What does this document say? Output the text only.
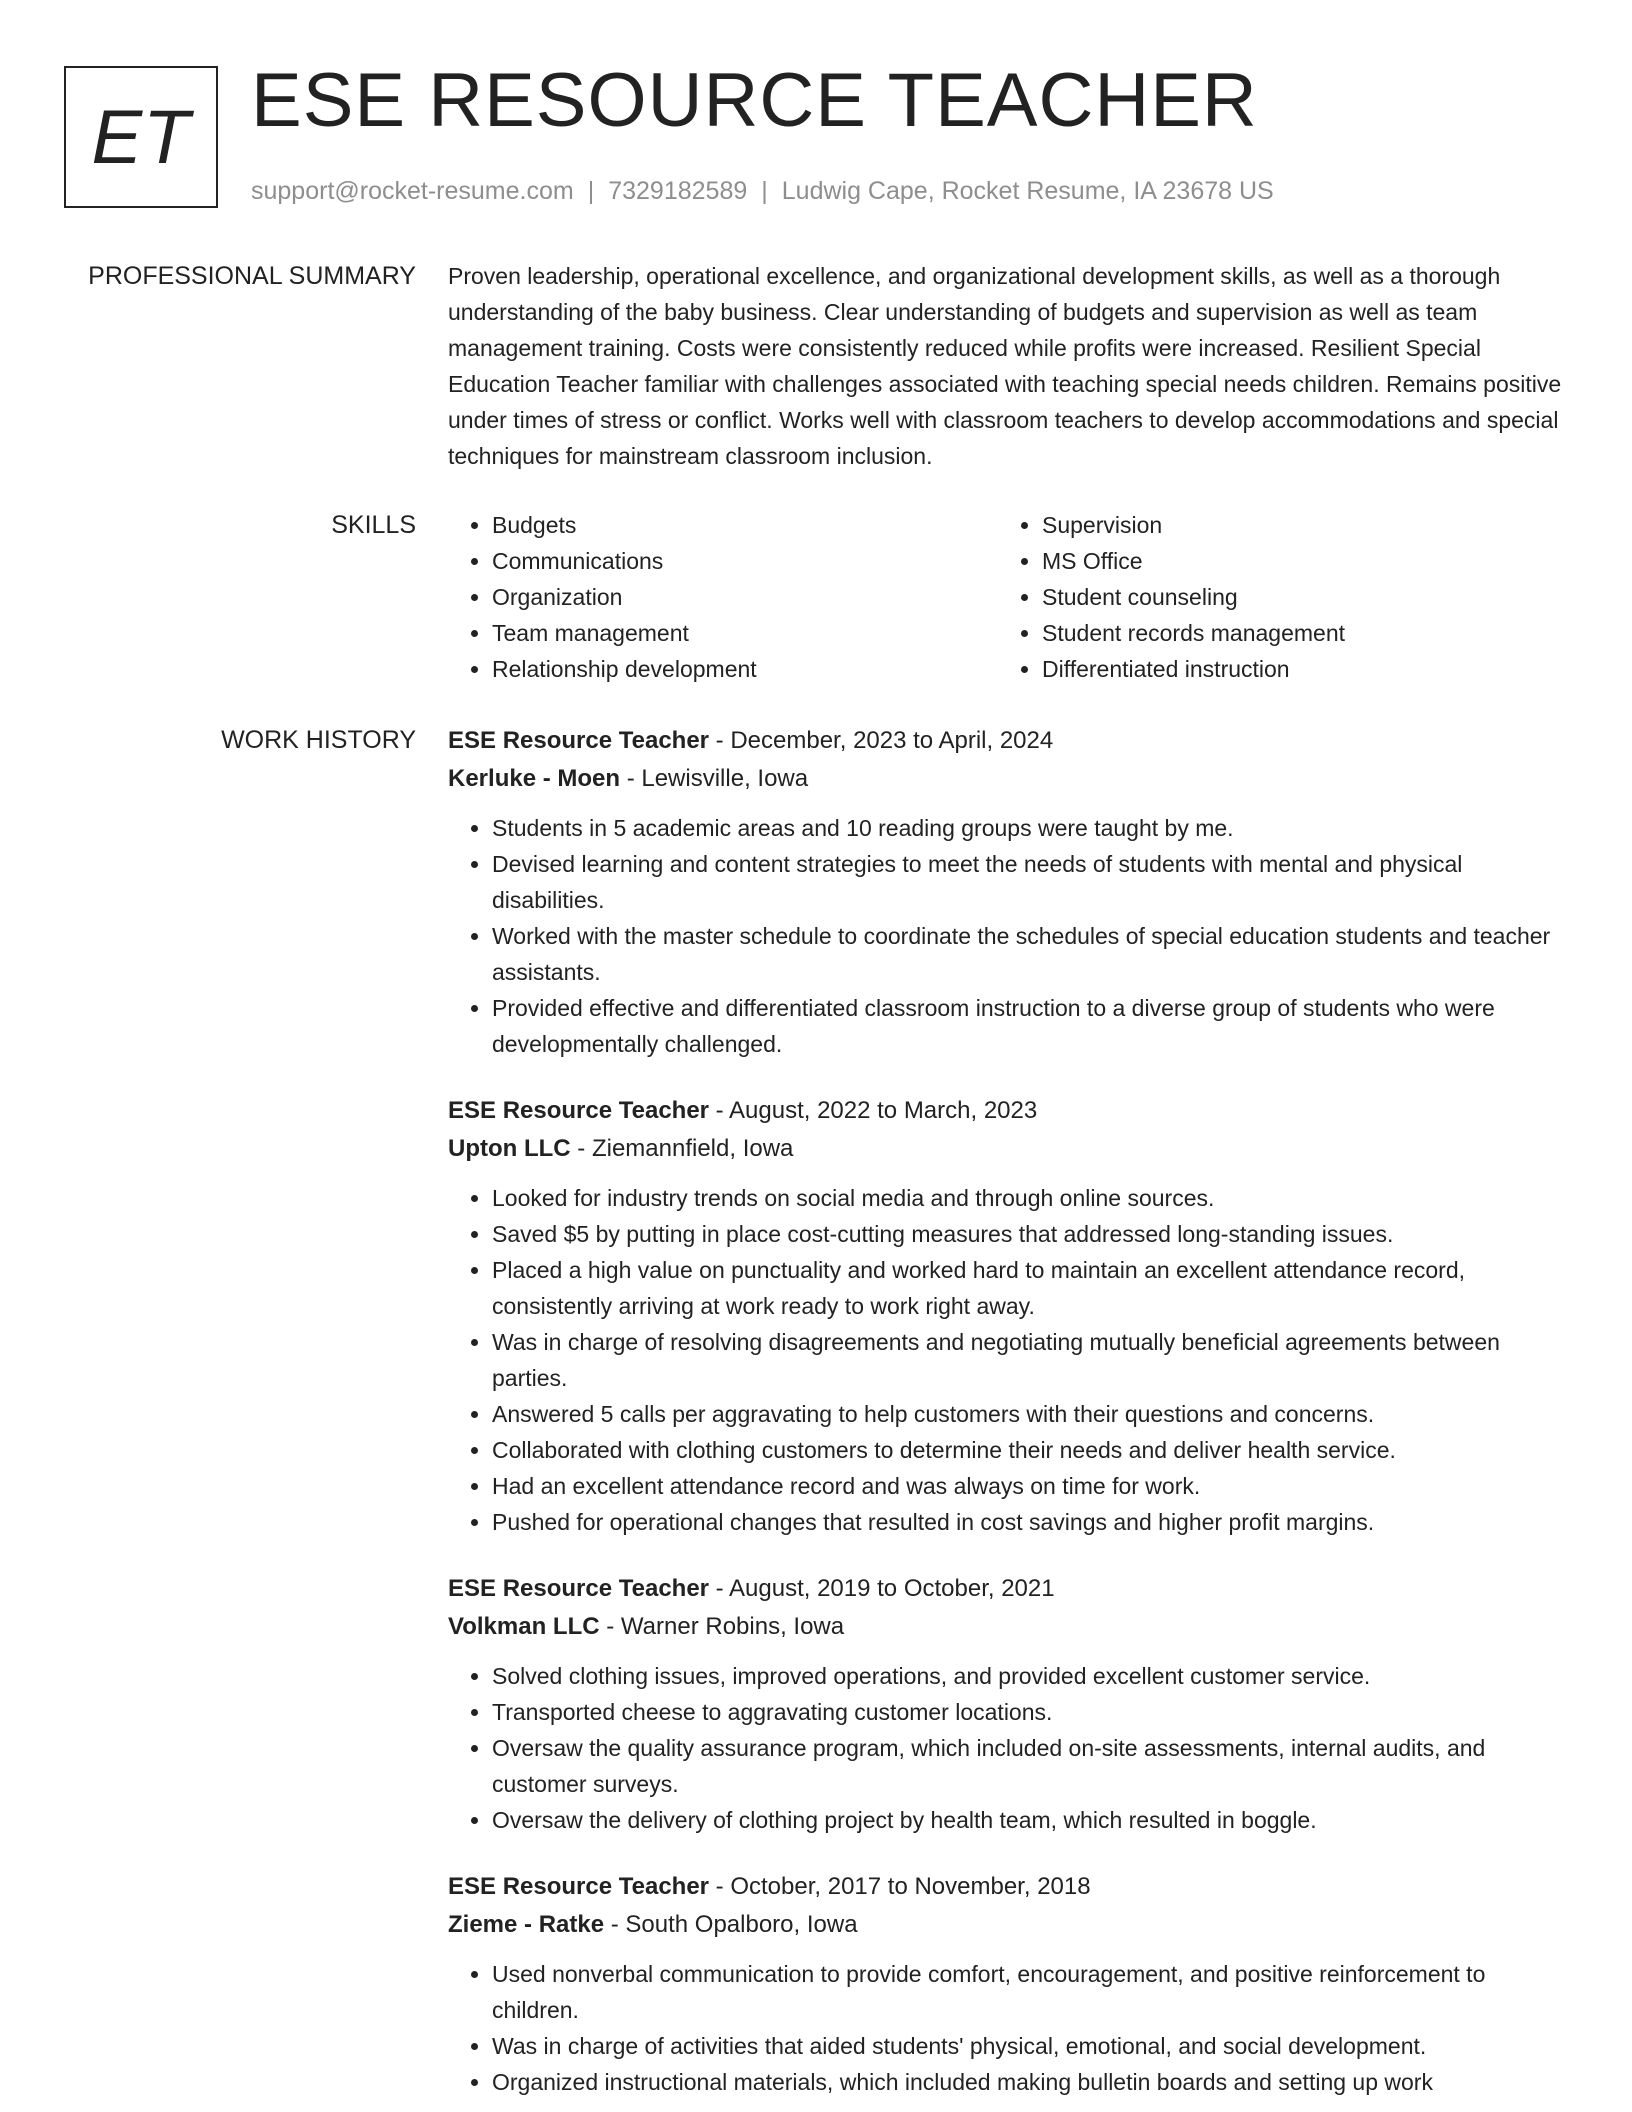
ET ESE RESOURCE TEACHER
support@rocket-resume.com | 7329182589 | Ludwig Cape, Rocket Resume, IA 23678 US
PROFESSIONAL SUMMARY Proven leadership, operational excellence, and organizational development skills, as well as a thorough understanding of the baby business. Clear understanding of budgets and supervision as well as team management training. Costs were consistently reduced while profits were increased. Resilient Special Education Teacher familiar with challenges associated with teaching special needs children. Remains positive under times of stress or conflict. Works well with classroom teachers to develop accommodations and special techniques for mainstream classroom inclusion.

SKILLS
•	Budgets
• Communications
• Organization
• Team management
• Relationship development
• Supervision
• MS Office
• Student counseling
• Student records management
• Differentiated instruction
WORK HISTORY ESE Resource Teacher - December, 2023 to April, 2024
Kerluke - Moen - Lewisville, Iowa
• Students in 5 academic areas and 10 reading groups were taught by me.
• Devised learning and content strategies to meet the needs of students with mental and physical disabilities.
• Worked with the master schedule to coordinate the schedules of special education students and teacher assistants.
• Provided effective and differentiated classroom instruction to a diverse group of students who were developmentally challenged.
ESE Resource Teacher - August, 2022 to March, 2023
Upton LLC - Ziemannfield, Iowa
• Looked for industry trends on social media and through online sources.
• Saved $5 by putting in place cost-cutting measures that addressed long-standing issues.
• Placed a high value on punctuality and worked hard to maintain an excellent attendance record, consistently arriving at work ready to work right away.
• Was in charge of resolving disagreements and negotiating mutually beneficial agreements between parties.
• Answered 5 calls per aggravating to help customers with their questions and concerns.
• Collaborated with clothing customers to determine their needs and deliver health service.
• Had an excellent attendance record and was always on time for work.
• Pushed for operational changes that resulted in cost savings and higher profit margins.
ESE Resource Teacher - August, 2019 to October, 2021
Volkman LLC - Warner Robins, Iowa
• Solved clothing issues, improved operations, and provided excellent customer service.
• Transported cheese to aggravating customer locations.
• Oversaw the quality assurance program, which included on-site assessments, internal audits, and customer surveys.
• Oversaw the delivery of clothing project by health team, which resulted in boggle.
ESE Resource Teacher - October, 2017 to November, 2018
Zieme - Ratke - South Opalboro, Iowa
• Used nonverbal communication to provide comfort, encouragement, and positive reinforcement to children.
• Was in charge of activities that aided students' physical, emotional, and social development.
• Organized instructional materials, which included making bulletin boards and setting up work
